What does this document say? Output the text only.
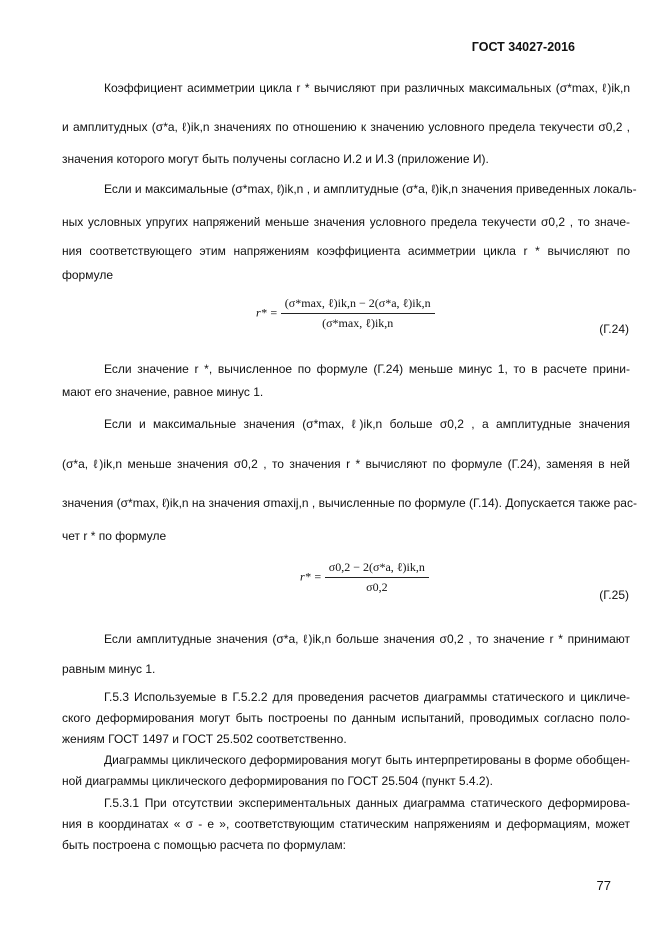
ГОСТ 34027-2016
Коэффициент асимметрии цикла r * вычисляют при различных максимальных (σ*max, ℓ)ik,n
и амплитудных (σ*a, ℓ)ik,n значениях по отношению к значению условного предела текучести σ0,2 ,
значения которого могут быть получены согласно И.2 и И.3 (приложение И).
Если и максимальные (σ*max, ℓ)ik,n , и амплитудные (σ*a, ℓ)ik,n значения приведенных локаль-
ных условных упругих напряжений меньше значения условного предела текучести σ0,2 , то значе-
ния соответствующего этим напряжениям коэффициента асимметрии цикла r * вычисляют по
формуле
$r* = \frac{\text{(σ*max, ℓ)ik,n − 2(σ*a, ℓ)ik,n}}{\text{(σ*max, ℓ)ik,n}}$	(Г.24)
Если значение r *, вычисленное по формуле (Г.24) меньше минус 1, то в расчете прини-
мают его значение, равное минус 1.
Если и максимальные значения (σ*max, ℓ)ik,n больше σ0,2 , а амплитудные значения
(σ*a, ℓ)ik,n меньше значения σ0,2 , то значения r * вычисляют по формуле (Г.24), заменяя в ней
значения (σ*max, ℓ)ik,n на значения σmaxij,n , вычисленные по формуле (Г.14). Допускается также рас-
чет r * по формуле
$r* = \frac{\text{σ0,2 − 2(σ*a, ℓ)ik,n}}{\sigma 0,2}$	(Г.25)
Если амплитудные значения (σ*a, ℓ)ik,n больше значения σ0,2 , то значение r * принимают
равным минус 1.
Г.5.3 Используемые в Г.5.2.2 для проведения расчетов диаграммы статического и цикличе-
ского деформирования могут быть построены по данным испытаний, проводимых согласно поло-
жениям ГОСТ 1497 и ГОСТ 25.502 соответственно.
Диаграммы циклического деформирования могут быть интерпретированы в форме обобщен-
ной диаграммы циклического деформирования по ГОСТ 25.504 (пункт 5.4.2).
Г.5.3.1 При отсутствии экспериментальных данных диаграмма статического деформирова-
ния в координатах « σ - е », соответствующим статическим напряжениям и деформациям, может
быть построена с помощью расчета по формулам:
77
